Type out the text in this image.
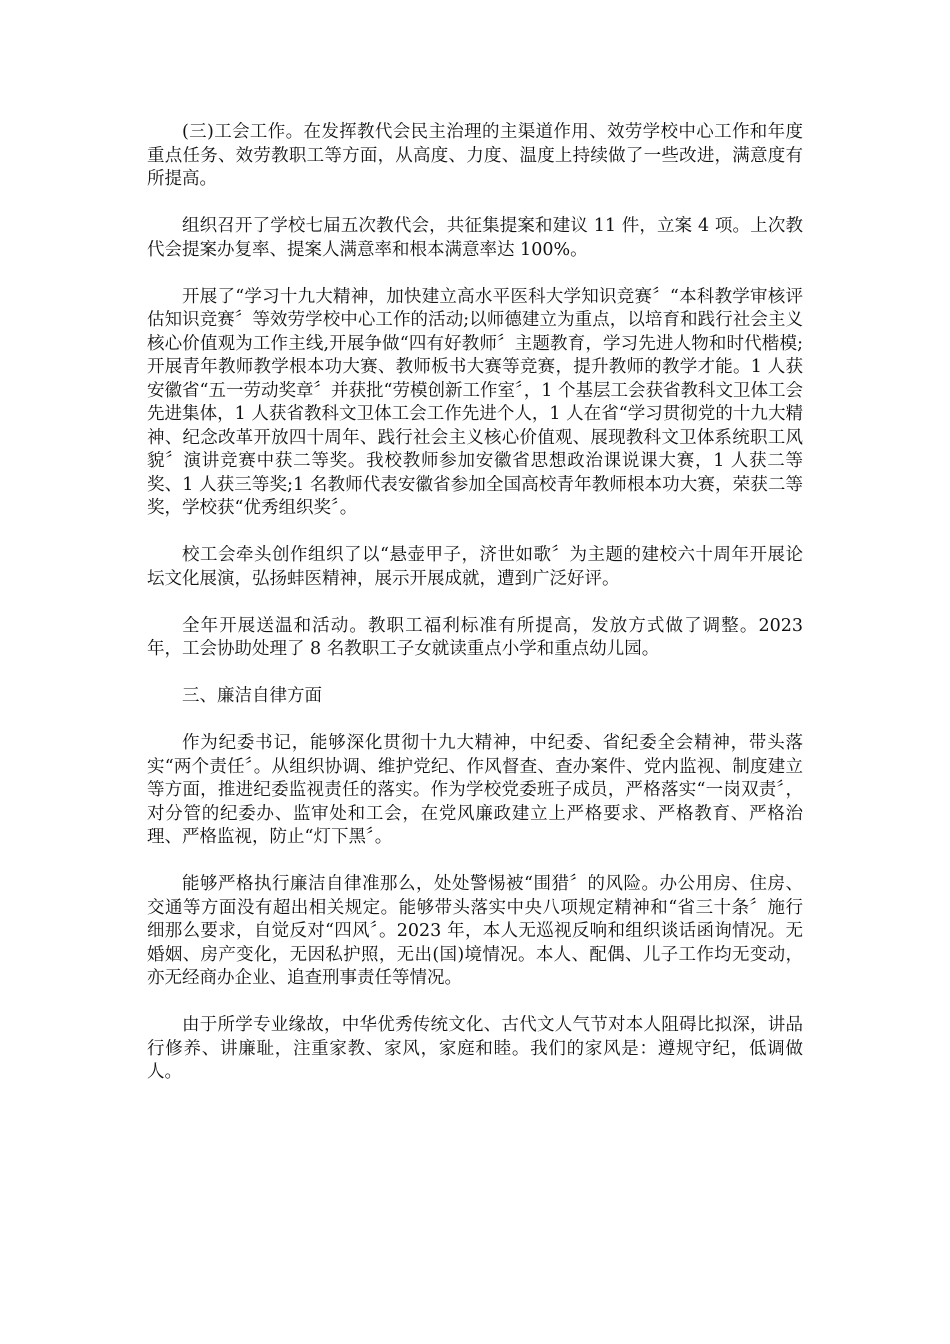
(三)工会工作。在发挥教代会民主治理的主渠道作用、效劳学校中心工作和年度重点任务、效劳教职工等方面，从高度、力度、温度上持续做了一些改进，满意度有所提高。

组织召开了学校七届五次教代会，共征集提案和建议 11 件，立案 4 项。上次教代会提案办复率、提案人满意率和根本满意率达 100%。

开展了“学习十九大精神，加快建立高水平医科大学知识竞赛〞“本科教学审核评估知识竞赛〞等效劳学校中心工作的活动;以师德建立为重点，以培育和践行社会主义核心价值观为工作主线,开展争做“四有好教师〞主题教育，学习先进人物和时代楷模;开展青年教师教学根本功大赛、教师板书大赛等竞赛，提升教师的教学才能。1 人获安徽省“五一劳动奖章〞并获批“劳模创新工作室〞，1 个基层工会获省教科文卫体工会先进集体，1 人获省教科文卫体工会工作先进个人，1 人在省“学习贯彻党的十九大精神、纪念改革开放四十周年、践行社会主义核心价值观、展现教科文卫体系统职工风貌〞演讲竞赛中获二等奖。我校教师参加安徽省思想政治课说课大赛，1 人获二等奖、1 人获三等奖;1 名教师代表安徽省参加全国高校青年教师根本功大赛，荣获二等奖，学校获“优秀组织奖〞。

校工会牵头创作组织了以“悬壶甲子，济世如歌〞为主题的建校六十周年开展论坛文化展演，弘扬蚌医精神，展示开展成就，遭到广泛好评。

全年开展送温和活动。教职工福利标准有所提高，发放方式做了调整。2023 年，工会协助处理了 8 名教职工子女就读重点小学和重点幼儿园。

三、廉洁自律方面

作为纪委书记，能够深化贯彻十九大精神，中纪委、省纪委全会精神，带头落实“两个责任〞。从组织协调、维护党纪、作风督查、查办案件、党内监视、制度建立等方面，推进纪委监视责任的落实。作为学校党委班子成员，严格落实“一岗双责〞，对分管的纪委办、监审处和工会，在党风廉政建立上严格要求、严格教育、严格治理、严格监视，防止“灯下黑〞。

能够严格执行廉洁自律准那么，处处警惕被“围猎〞的风险。办公用房、住房、交通等方面没有超出相关规定。能够带头落实中央八项规定精神和“省三十条〞施行细那么要求，自觉反对“四风〞。2023 年，本人无巡视反响和组织谈话函询情况。无婚姻、房产变化，无因私护照，无出(国)境情况。本人、配偶、儿子工作均无变动，亦无经商办企业、追查刑事责任等情况。

由于所学专业缘故，中华优秀传统文化、古代文人气节对本人阻碍比拟深，讲品行修养、讲廉耻，注重家教、家风，家庭和睦。我们的家风是：遵规守纪，低调做人。
